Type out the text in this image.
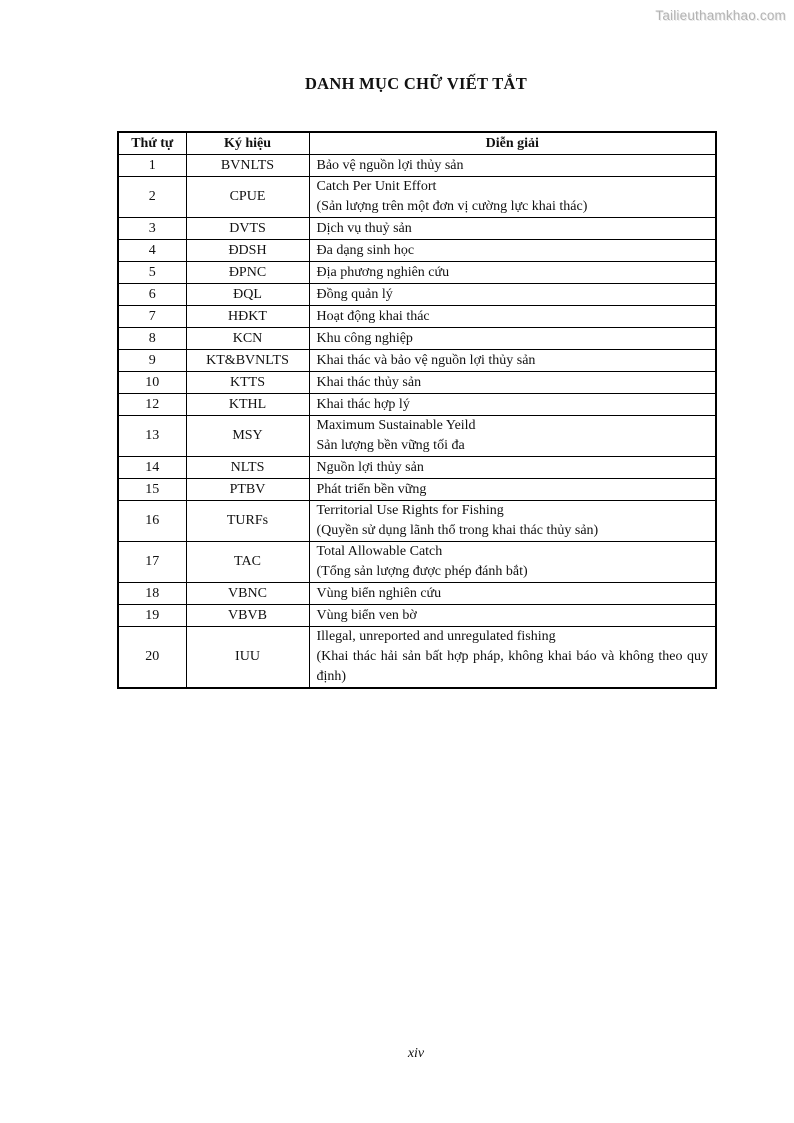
Tailieuthamkhao.com
DANH MỤC CHỮ VIẾT TẮT
Thứ tự	Ký hiệu	Diễn giải
1	BVNLTS	Bảo vệ nguồn lợi thủy sản

2	CPUE	Catch Per Unit Effort
(Sản lượng trên một đơn vị cường lực khai thác)

3	DVTS	Dịch vụ thuỷ sản

4	ĐDSH	Đa dạng sinh học

5	ĐPNC	Địa phương nghiên cứu

6	ĐQL	Đồng quản lý

7	HĐKT	Hoạt động khai thác

8	KCN	Khu công nghiệp

9	KT&BVNLTS	Khai thác và bảo vệ nguồn lợi thủy sản

10	KTTS	Khai thác thủy sản

12	KTHL	Khai thác hợp lý

13	MSY	Maximum Sustainable Yeild
Sản lượng bền vững tối đa

14	NLTS	Nguồn lợi thủy sản

15	PTBV	Phát triển bền vững

16	TURFs	Territorial Use Rights for Fishing
(Quyền sử dụng lãnh thổ trong khai thác thủy sản)

17	TAC	Total Allowable Catch
(Tổng sản lượng được phép đánh bắt)

18	VBNC	Vùng biển nghiên cứu

19	VBVB	Vùng biển ven bờ

20	IUU	Illegal, unreported and unregulated fishing
(Khai thác hải sản bất hợp pháp, không khai báo và không theo quy định)
xiv
